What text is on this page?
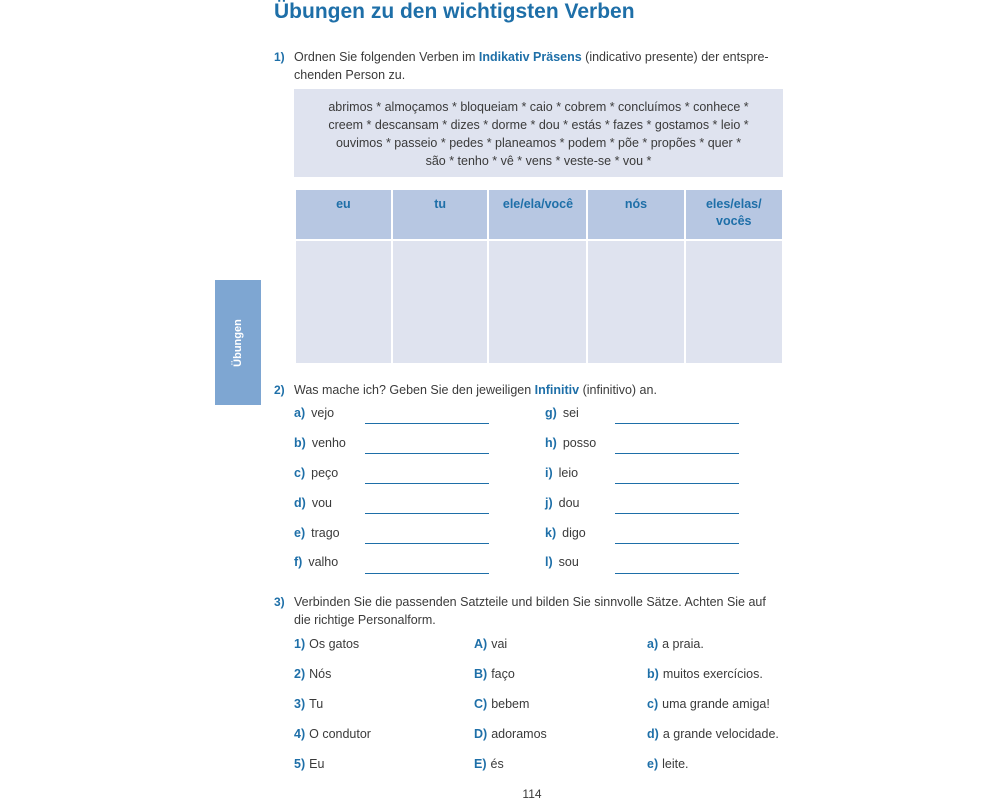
Übungen zu den wichtigsten Verben
Übungen
1) Ordnen Sie folgenden Verben im Indikativ Präsens (indicativo presente) der entspre-
chenden Person zu.
abrimos * almoçamos * bloqueiam * caio * cobrem * concluímos * conhece *
creem * descansam * dizes * dorme * dou * estás * fazes * gostamos * leio *
ouvimos * passeio * pedes * planeamos * podem * põe * propões * quer *
são * tenho * vê * vens * veste-se * vou *
eu	tu	ele/ela/você	nós	eles/elas/
vocês

2) Was mache ich? Geben Sie den jeweiligen Infinitiv (infinitivo) an.
a) vejo
b) venho
c) peço
d) vou
e) trago
f) valho
g) sei
h) posso
i) leio
j) dou
k) digo
l) sou
3) Verbinden Sie die passenden Satzteile und bilden Sie sinnvolle Sätze. Achten Sie auf
die richtige Personalform.
1) Os gatos
2) Nós
3) Tu
4) O condutor
5) Eu
A) vai
B) faço
C) bebem
D) adoramos
E) és
a) a praia.
b) muitos exercícios.
c) uma grande amiga!
d) a grande velocidade.
e) leite.
114
